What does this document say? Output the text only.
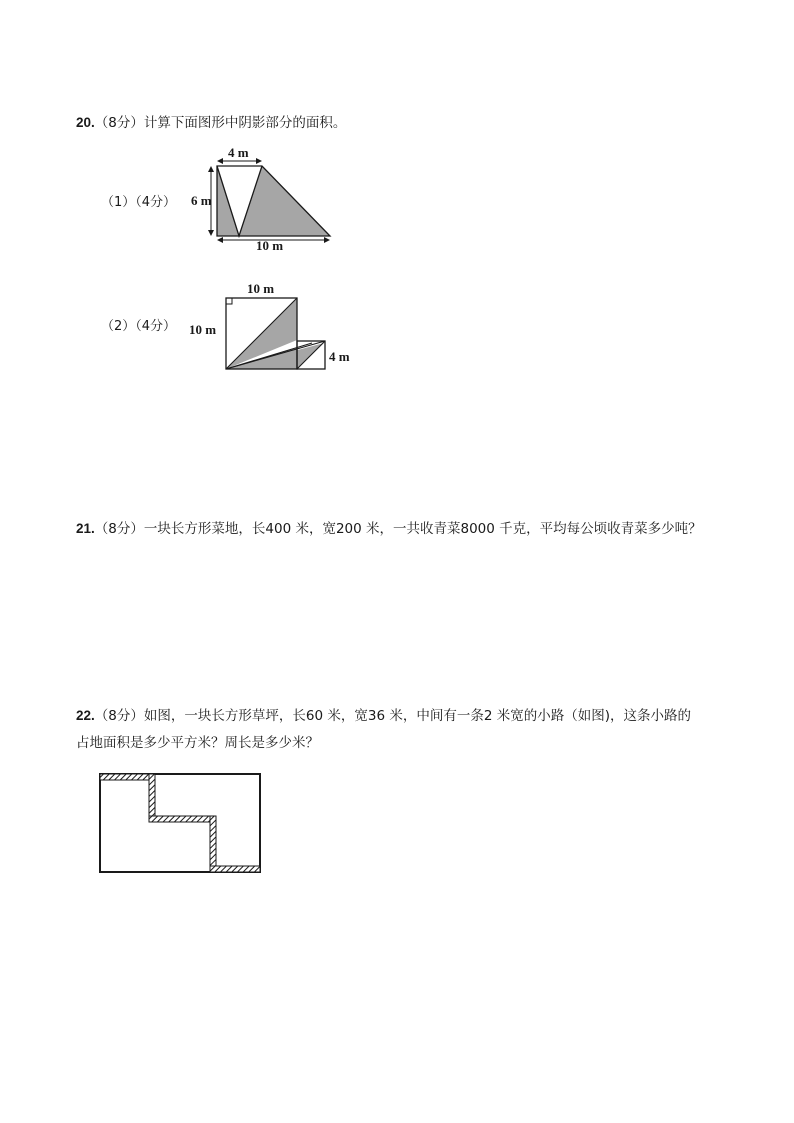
20.（8分）计算下面图形中阴影部分的面积。
（1）（4分）
4 m
6 m
10 m
（2）（4分）
10 m
10 m
4 m
21.（8分）一块长方形菜地，长400 米，宽200 米，一共收青菜8000 千克，平均每公顷收青菜多少吨？
22.（8分）如图，一块长方形草坪，长60 米，宽36 米，中间有一条2 米宽的小路（如图)，这条小路的
占地面积是多少平方米？周长是多少米？
